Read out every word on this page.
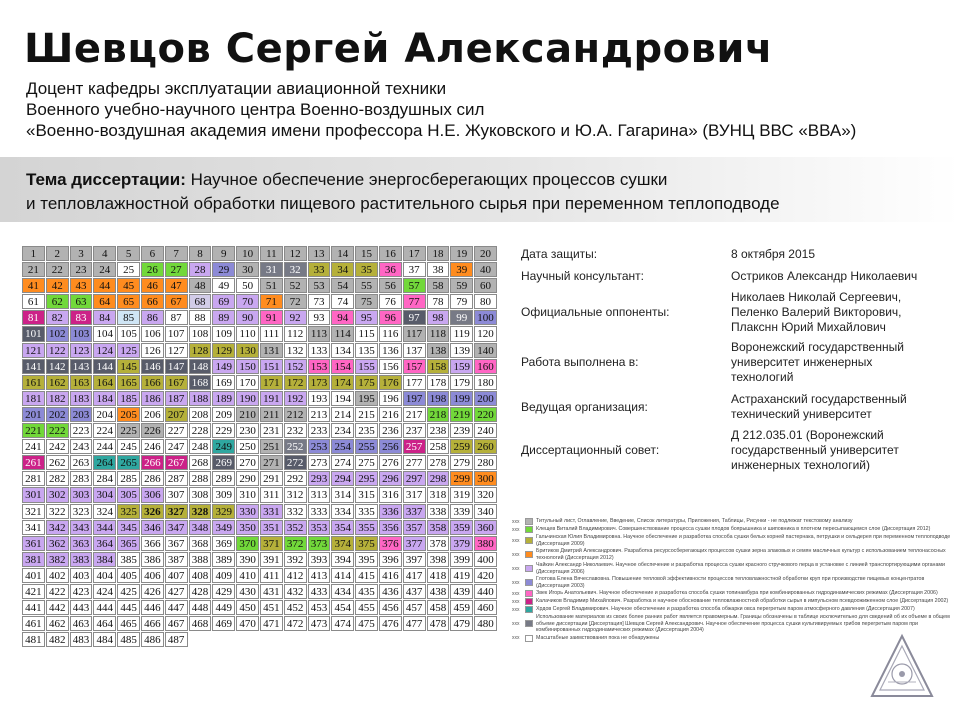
Шевцов Сергей Александрович
Доцент кафедры эксплуатации авиационной техники
Военного учебно-научного центра Военно-воздушных сил
«Военно-воздушная академия имени профессора Н.Е. Жуковского и Ю.А. Гагарина» (ВУНЦ ВВС «ВВА»)
Тема диссертации: Научное обеспечение энергосберегающих процессов сушки
и тепловлажностной обработки пищевого растительного сырья при переменном теплоподводе
1	2	3	4	5	6	7	8	9	10	11	12	13	14	15	16	17	18	19	20
21	22	23	24	25	26	27	28	29	30	31	32	33	34	35	36	37	38	39	40
41	42	43	44	45	46	47	48	49	50	51	52	53	54	55	56	57	58	59	60
61	62	63	64	65	66	67	68	69	70	71	72	73	74	75	76	77	78	79	80
81	82	83	84	85	86	87	88	89	90	91	92	93	94	95	96	97	98	99 100
101 102 103 104 105 106 107 108 109 110 111 112 113 114 115 116 117 118 119 120
121 122 123 124 125 126 127 128 129 130 131 132 133 134 135 136 137 138 139 140
141 142 143 144 145 146 147 148 149 150 151 152 153 154 155 156 157 158 159 160
161 162 163 164 165 166 167 168 169 170 171 172 173 174 175 176 177 178 179 180
181 182 183 184 185 186 187 188 189 190 191 192 193 194 195 196 197 198 199 200
201 202 203 204 205 206 207 208 209 210 211 212 213 214 215 216 217 218 219 220
221 222 223 224 225 226 227 228 229 230 231 232 233 234 235 236 237 238 239 240
241 242 243 244 245 246 247 248 249 250 251 252 253 254 255 256 257 258 259 260
261 262 263 264 265 266 267 268 269 270 271 272 273 274 275 276 277 278 279 280
281 282 283 284 285 286 287 288 289 290 291 292 293 294 295 296 297 298 299 300
301 302 303 304 305 306 307 308 309 310 311 312 313 314 315 316 317 318 319 320
321 322 323 324 325 326 327 328 329 330 331 332 333 334 335 336 337 338 339 340
341 342 343 344 345 346 347 348 349 350 351 352 353 354 355 356 357 358 359 360
361 362 363 364 365 366 367 368 369 370 371 372 373 374 375 376 377 378 379 380
381 382 383 384 385 386 387 388 389 390 391 392 393 394 395 396 397 398 399 400
401 402 403 404 405 406 407 408 409 410 411 412 413 414 415 416 417 418 419 420
421 422 423 424 425 426 427 428 429 430 431 432 433 434 435 436 437 438 439 440
441 442 443 444 445 446 447 448 449 450 451 452 453 454 455 456 457 458 459 460
461 462 463 464 465 466 467 468 469 470 471 472 473 474 475 476 477 478 479 480
481 482 483 484 485 486 487
Дата защиты:	8 октября 2015
Научный консультант:	Остриков Александр Николаевич
Официальные оппоненты:
Николаев Николай Сергеевич,
Пеленко Валерий Викторович,
Плакснн Юрий Михайлович
Работа выполнена в:
Воронежский государственный
университет инженерных
технологий
Ведущая организация:
Астраханский государственный
технический университет
Диссертационный совет:
Д 212.035.01 (Воронежский
государственный университет
инженерных технологий)
ххх	Титульный лист, Оглавление, Введение, Список литературы, Приложения, Таблицы, Рисунки - не подлежат текстовому анализу
ххх	Клещев Виталий Владимирович. Совершенствование процесса сушки плодов боярышника и шиповника в плотном пересыпающемся слое (Диссертация 2012)
ххх
Гальчинская Юлия Владимировна. Научное обеспечение и разработка способа сушки белых корней пастернака, петрушки и сельдерея при переменном теплоподводе (Диссертация 2009)
ххх
Бритиков Дмитрий Александрович. Разработка ресурсосберегающих процессов сушки зерна злаковых и семян масличных культур с использованием теплонасосных технологий (Диссертация 2012)
ххх
Чайкин Александр Николаевич. Научное обеспечение и разработка процесса сушки красного стручкового перца в установке с линией транспортирующими органами (Диссертация 2006)
ххх
Глотова Елена Вячеславовна. Повышение тепловой эффективности процессов тепловлажностной обработки круп при производстве пищевых концентратов (Диссертация 2003)
ххх	Звек Игорь Анатольевич. Научное обеспечение и разработка способа сушки топинамбура при комбинированных гидродинамических режимах (Диссертация 2006)
ххх	Калачиков Владимир Михайлович. Разработка и научное обоснование тепловлажностной обработки сырья в импульсном псевдоожиженном слое (Диссертация 2002)
ххх	Хрдов Сергей Владимирович. Научное обеспечение и разработка способа обжарки овса перегретым паром атмосферного давления (Диссертация 2007)
ххх
Использование материалов из своих более ранних работ является правомерным. Границы обозначены в таблице исключительно для сведений об их объеме в общем объеме диссертации [Диссертация] Шевцов Сергей Александрович. Научное обеспечение процесса сушки культивируемых грибов перегретым паром при комбинированных гидродинамических режимах (Диссертация 2004)
ххх	Масштабные заимствования пока не обнаружены
